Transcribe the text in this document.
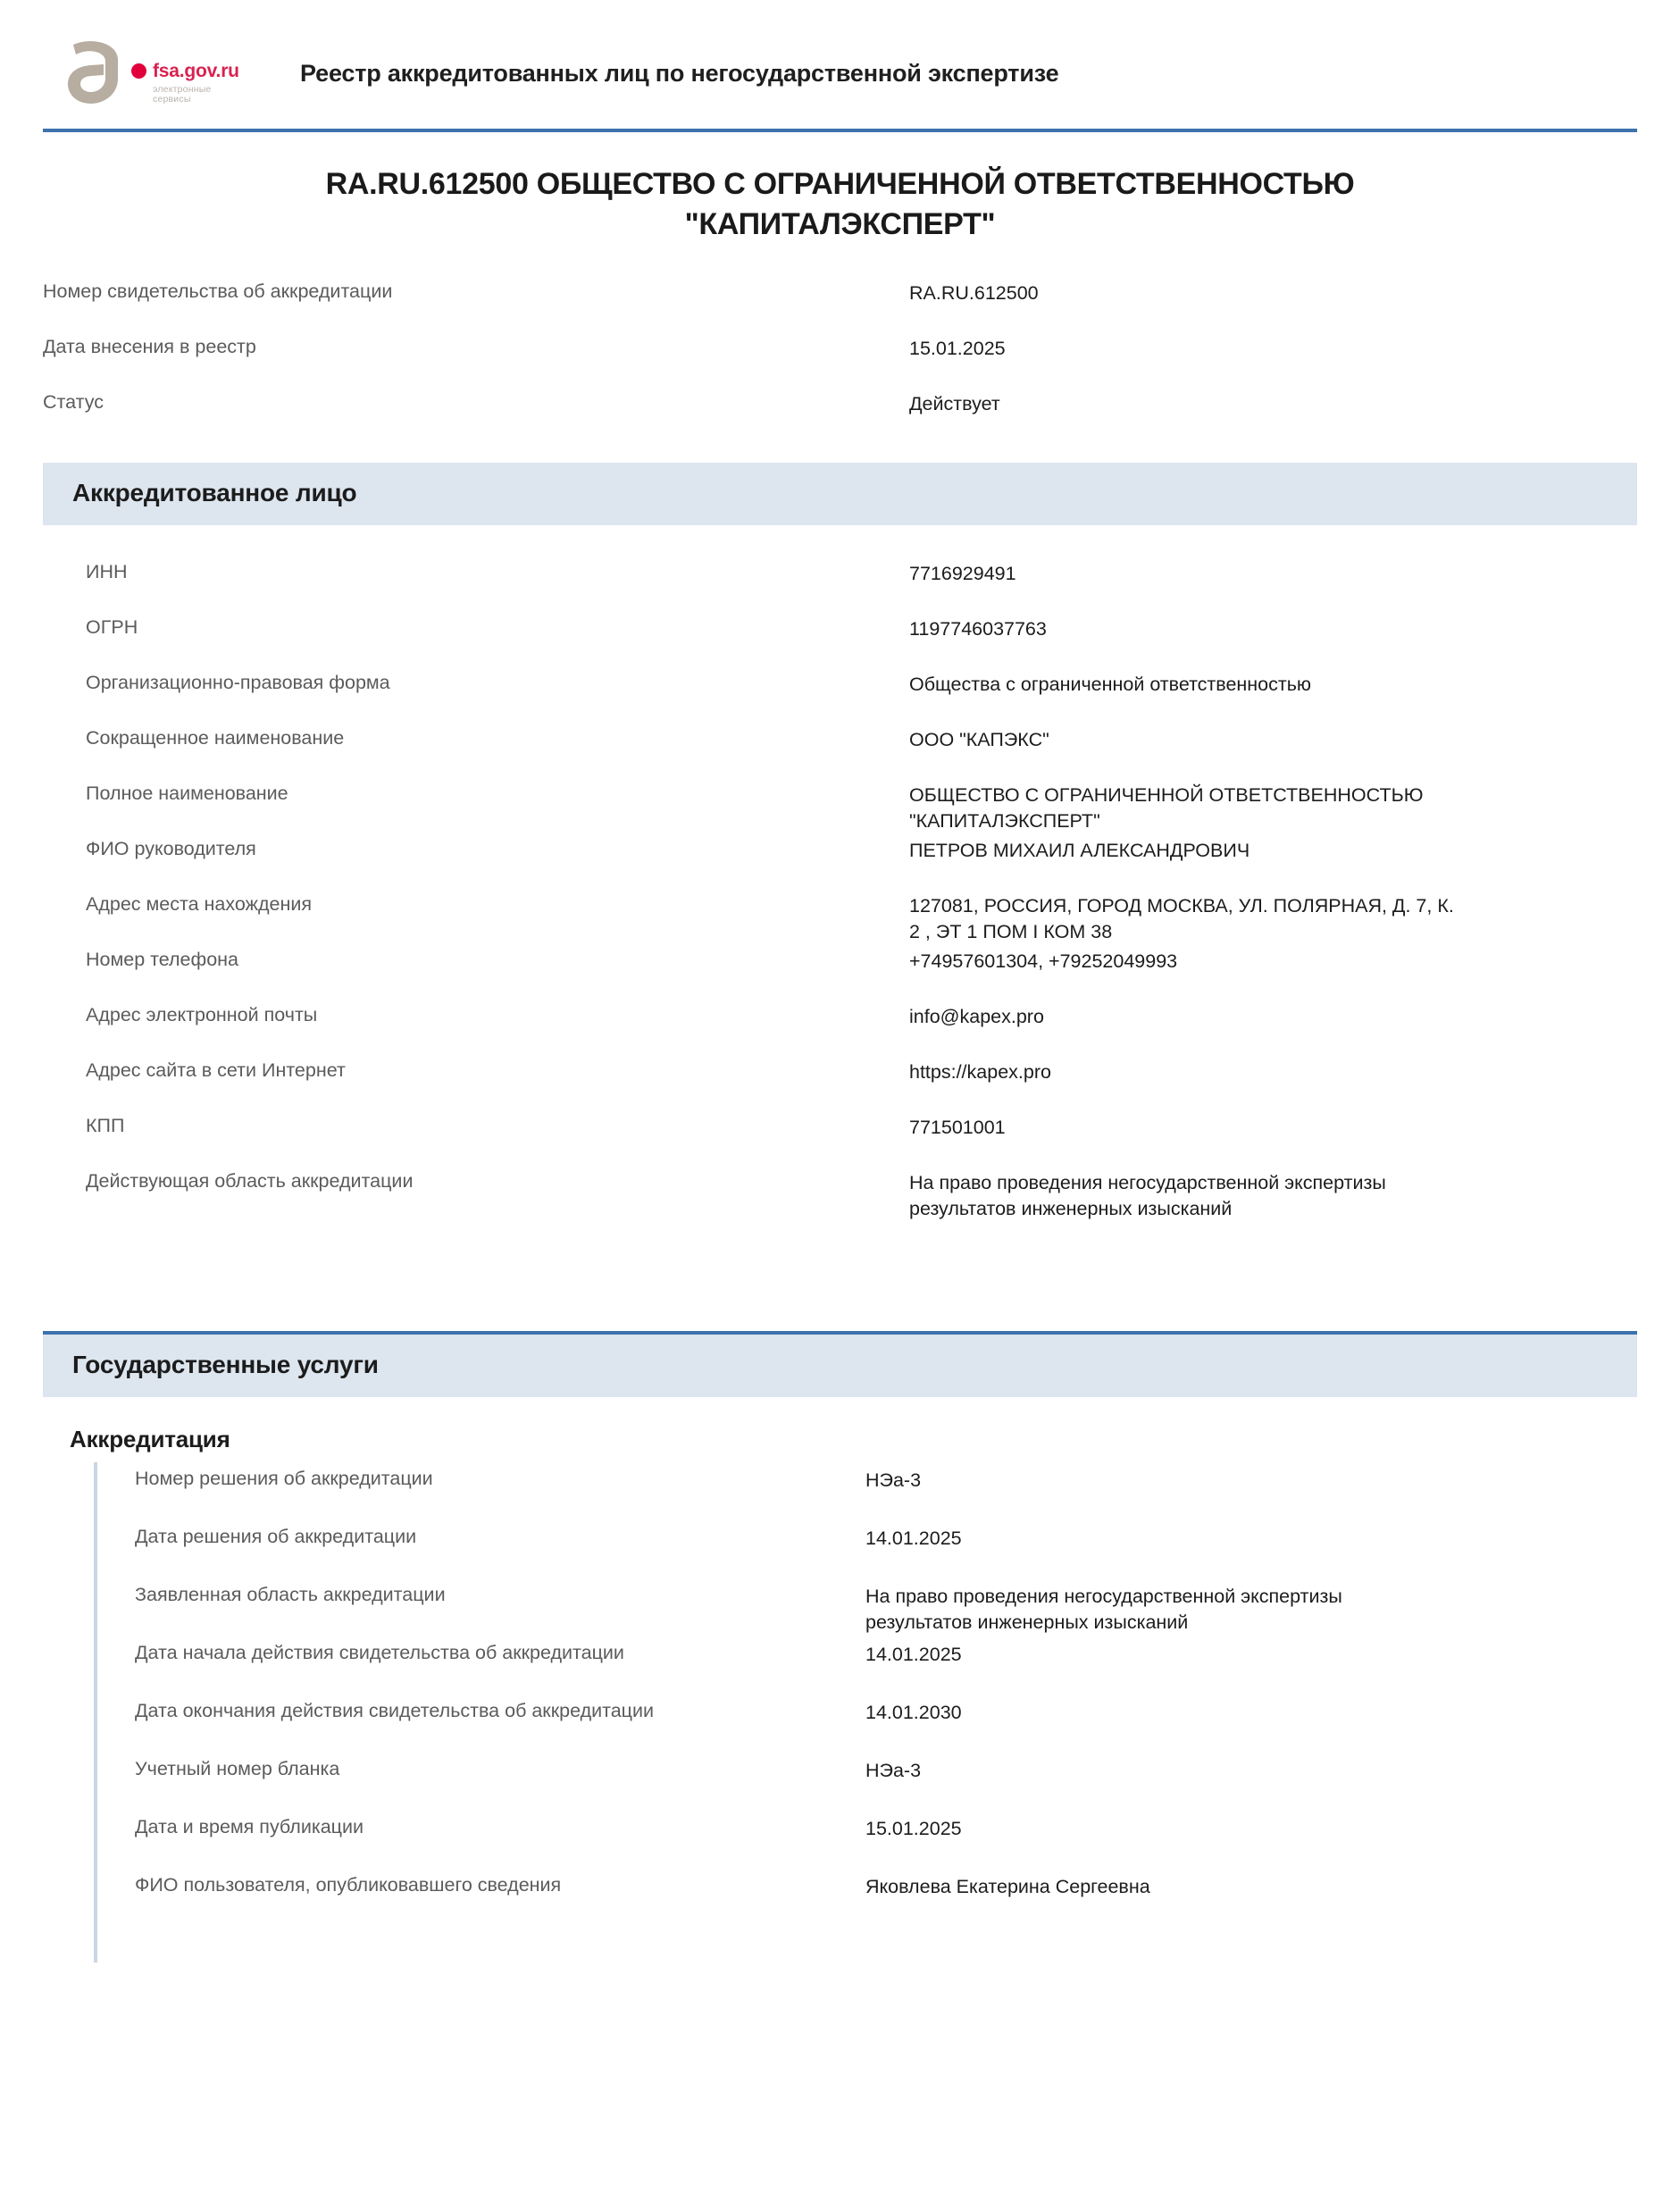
fsa.gov.ru
электронные сервисы
Реестр аккредитованных лиц по негосударственной экспертизе
RA.RU.612500 ОБЩЕСТВО С ОГРАНИЧЕННОЙ ОТВЕТСТВЕННОСТЬЮ "КАПИТАЛЭКСПЕРТ"
Номер свидетельства об аккредитации	RA.RU.612500
Дата внесения в реестр	15.01.2025
Статус	Действует
Аккредитованное лицо
ИНН	7716929491
ОГРН	1197746037763
Организационно-правовая форма	Общества с ограниченной ответственностью
Сокращенное наименование	ООО "КАПЭКС"
Полное наименование	ОБЩЕСТВО С ОГРАНИЧЕННОЙ ОТВЕТСТВЕННОСТЬЮ
"КАПИТАЛЭКСПЕРТ"
ФИО руководителя	ПЕТРОВ МИХАИЛ АЛЕКСАНДРОВИЧ
Адрес места нахождения	127081, РОССИЯ, ГОРОД МОСКВА, УЛ. ПОЛЯРНАЯ, Д. 7, К.
2 , ЭТ 1 ПОМ I КОМ 38
Номер телефона	+74957601304, +79252049993
Адрес электронной почты	info@kapex.pro
Адрес сайта в сети Интернет	https://kapex.pro
КПП	771501001
Действующая область аккредитации	На право проведения негосударственной экспертизы
результатов инженерных изысканий
Государственные услуги
Аккредитация
Номер решения об аккредитации	НЭа-3
Дата решения об аккредитации	14.01.2025
Заявленная область аккредитации	На право проведения негосударственной экспертизы
результатов инженерных изысканий
Дата начала действия свидетельства об аккредитации	14.01.2025
Дата окончания действия свидетельства об аккредитации	14.01.2030
Учетный номер бланка	НЭа-3
Дата и время публикации	15.01.2025
ФИО пользователя, опубликовавшего сведения	Яковлева Екатерина Сергеевна
